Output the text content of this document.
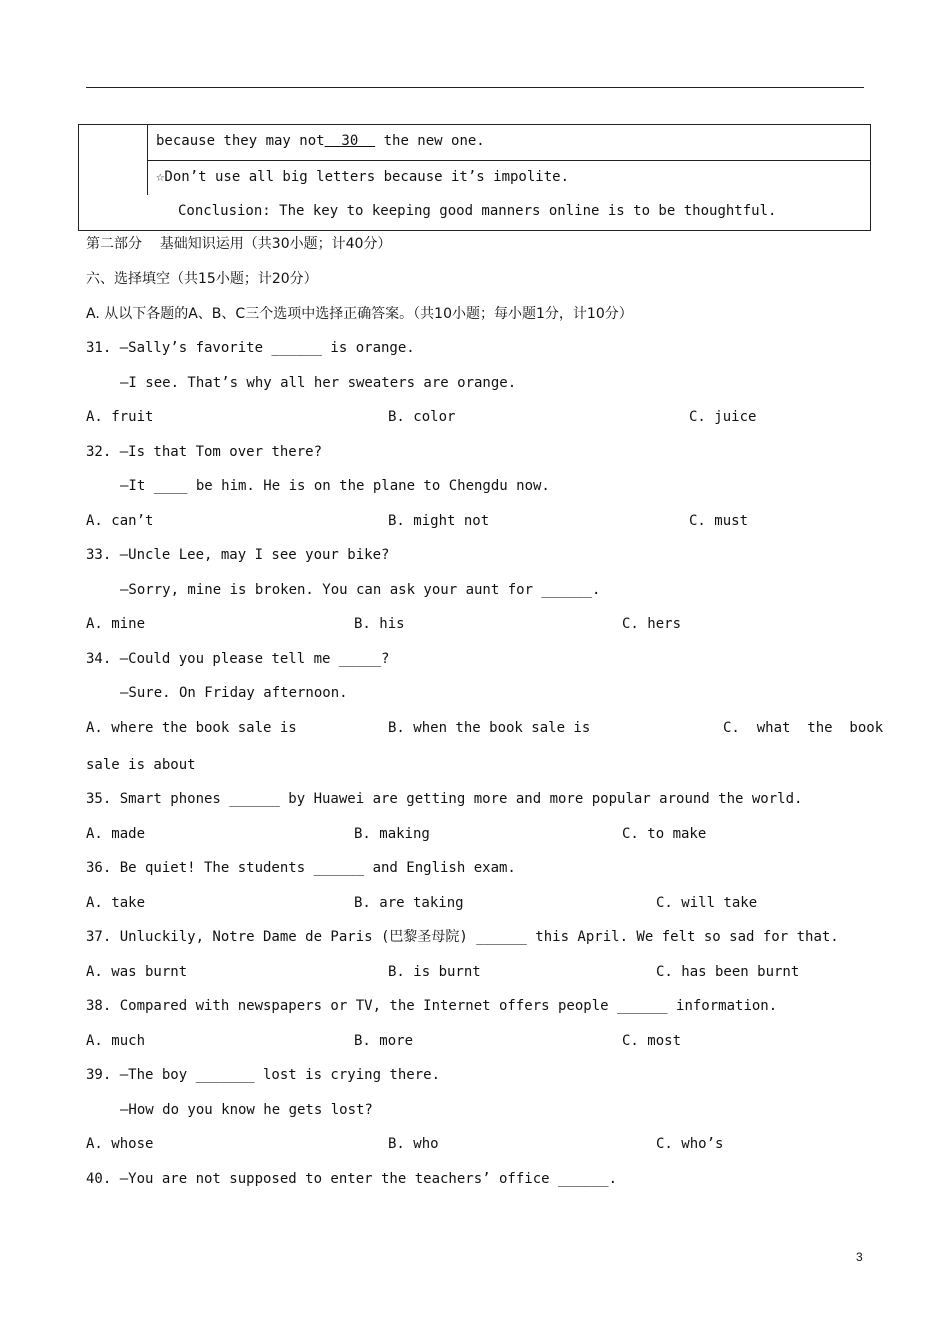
because they may not  30   the new one.
☆Don’t use all big letters because it’s impolite.
Conclusion: The key to keeping good manners online is to be thoughtful.
第二部分    基础知识运用（共30小题；计40分）
六、选择填空（共15小题；计20分）
A. 从以下各题的A、B、C三个选项中选择正确答案。（共10小题；每小题1分，计10分）
31. —Sally’s favorite ______ is orange.
—I see. That’s why all her sweaters are orange.
A. fruit	B. color	C. juice
32. —Is that Tom over there?
—It ____ be him. He is on the plane to Chengdu now.
A. can’t	B. might not	C. must
33. —Uncle Lee, may I see your bike?
—Sorry, mine is broken. You can ask your aunt for ______.
A. mine	B. his	C. hers
34. —Could you please tell me _____?
—Sure. On Friday afternoon.
A. where the book sale is	B. when the book sale is	C.  what  the  book
sale is about
35. Smart phones ______ by Huawei are getting more and more popular around the world.
A. made	B. making	C. to make
36. Be quiet! The students ______ and English exam.
A. take	B. are taking	C. will take
37. Unluckily, Notre Dame de Paris (巴黎圣母院) ______ this April. We felt so sad for that.
A. was burnt	B. is burnt	C. has been burnt
38. Compared with newspapers or TV, the Internet offers people ______ information.
A. much	B. more	C. most
39. —The boy _______ lost is crying there.
—How do you know he gets lost?
A. whose	B. who	C. who’s
40. —You are not supposed to enter the teachers’ office ______.
3
